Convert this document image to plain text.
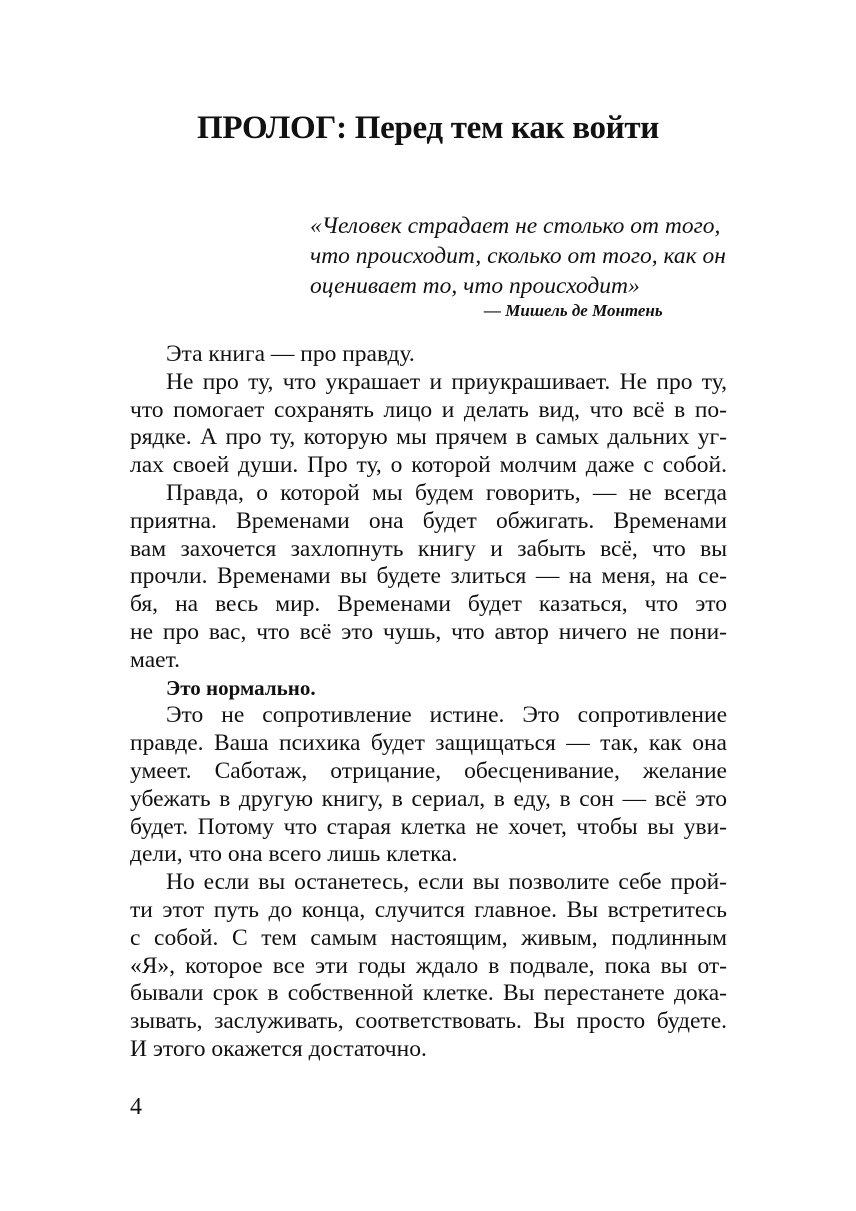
ПРОЛОГ: Перед тем как войти

«Человек страдает не столько от того,

что происходит, сколько от того, как он

оценивает то, что происходит»

— Мишель де Монтень

Эта книга — про правду.
Не про ту, что украшает и приукрашивает. Не про ту,
что помогает сохранять лицо и делать вид, что всё в по-
рядке. А про ту, которую мы прячем в самых дальних уг-
лах своей души. Про ту, о которой молчим даже с собой.
Правда, о которой мы будем говорить, — не всегда
приятна. Временами она будет обжигать. Временами
вам захочется захлопнуть книгу и забыть всё, что вы
прочли. Временами вы будете злиться — на меня, на се-
бя, на весь мир. Временами будет казаться, что это
не про вас, что всё это чушь, что автор ничего не пони-
мает.
Это нормально.
Это не сопротивление истине. Это сопротивление
правде. Ваша психика будет защищаться — так, как она
умеет. Саботаж, отрицание, обесценивание, желание
убежать в другую книгу, в сериал, в еду, в сон — всё это
будет. Потому что старая клетка не хочет, чтобы вы уви-
дели, что она всего лишь клетка.
Но если вы останетесь, если вы позволите себе прой-
ти этот путь до конца, случится главное. Вы встретитесь
с собой. С тем самым настоящим, живым, подлинным
«Я», которое все эти годы ждало в подвале, пока вы от-
бывали срок в собственной клетке. Вы перестанете дока-
зывать, заслуживать, соответствовать. Вы просто будете.
И этого окажется достаточно.

4
